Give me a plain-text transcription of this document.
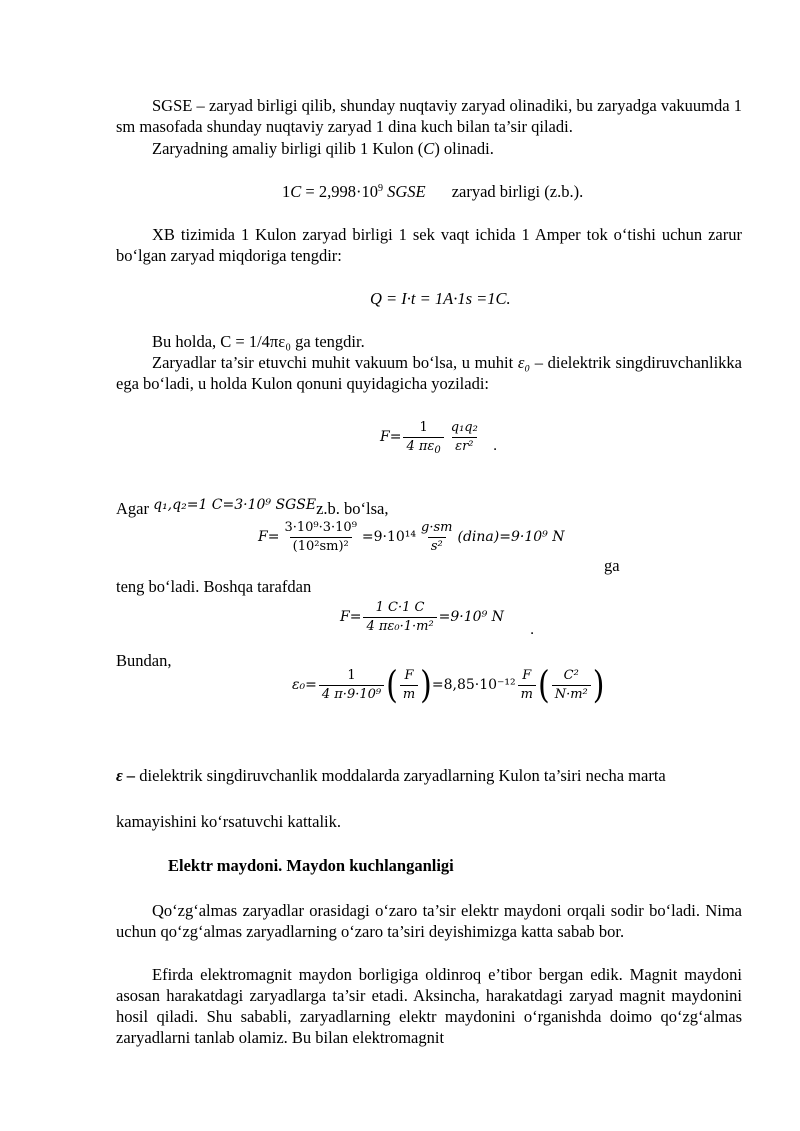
SGSE – zaryad birligi qilib, shunday nuqtaviy zaryad olinadiki, bu zaryadga vakuumda 1 sm masofada shunday nuqtaviy zaryad 1 dina kuch bilan ta’sir qiladi.

Zaryadning amaliy birligi qilib 1 Kulon (C) olinadi.

$1C = 2,998\cdot 10^9$ SGSE zaryad birligi (z.b.).

XB tizimida 1 Kulon zaryad birligi 1 sek vaqt ichida 1 Amper tok o‘tishi uchun zarur bo‘lgan zaryad miqdoriga tengdir:

Q = I·t = 1A·1s =1C.
Bu holda, C = 1/4πε₀ ga tengdir.

Zaryadlar ta’sir etuvchi muhit vakuum bo‘lsa, u muhit ε₀ – dielektrik singdiruvchanlikka ega bo‘ladi, u holda Kulon qonuni quyidagicha yoziladi:

$F= \frac{1}{4 \pi\varepsilon_0} \frac{\text{q₁q₂}}{\text{εr²}}$ .
Agar $^{q_1,q_2=1 C=3\cdot 10^9 SGSE}$z.b. bo‘lsa,
$F= \frac{\text{3·10⁹·3·10⁹}}{\text{(10²sm)²}} =9\cdot 10^{14} \frac{g\cdot sm}{\text{s²}}$ (dina)=9·10⁹ N
ga
teng bo‘ladi. Boshqa tarafdan
$F= \frac{1 C\cdot 1 C}{\text{4 πε₀·1·m²}} =9\cdot 10^9$ N
.
Bundan,
$\varepsilon_0= \frac{1}{\text{4 π·9·10⁹}}$ ( $\frac{F}{m}$ ) $=8,85\cdot 10^{-12} \frac{F}{m}$ ( $\frac{\text{C²}}{\text{N·m²}}$ )
ε – dielektrik singdiruvchanlik moddalarda zaryadlarning Kulon ta’siri necha marta
kamayishini ko‘rsatuvchi kattalik.
Elektr maydoni. Maydon kuchlanganligi

Qo‘zg‘almas zaryadlar orasidagi o‘zaro ta’sir elektr maydoni orqali sodir bo‘ladi. Nima uchun qo‘zg‘almas zaryadlarning o‘zaro ta’siri deyishimizga katta sabab bor.

Efirda elektromagnit maydon borligiga oldinroq e’tibor bergan edik. Magnit maydoni asosan harakatdagi zaryadlarga ta’sir etadi. Aksincha, harakatdagi zaryad magnit maydonini hosil qiladi. Shu sababli, zaryadlarning elektr maydonini o‘rganishda doimo qo‘zg‘almas zaryadlarni tanlab olamiz. Bu bilan elektromagnit
